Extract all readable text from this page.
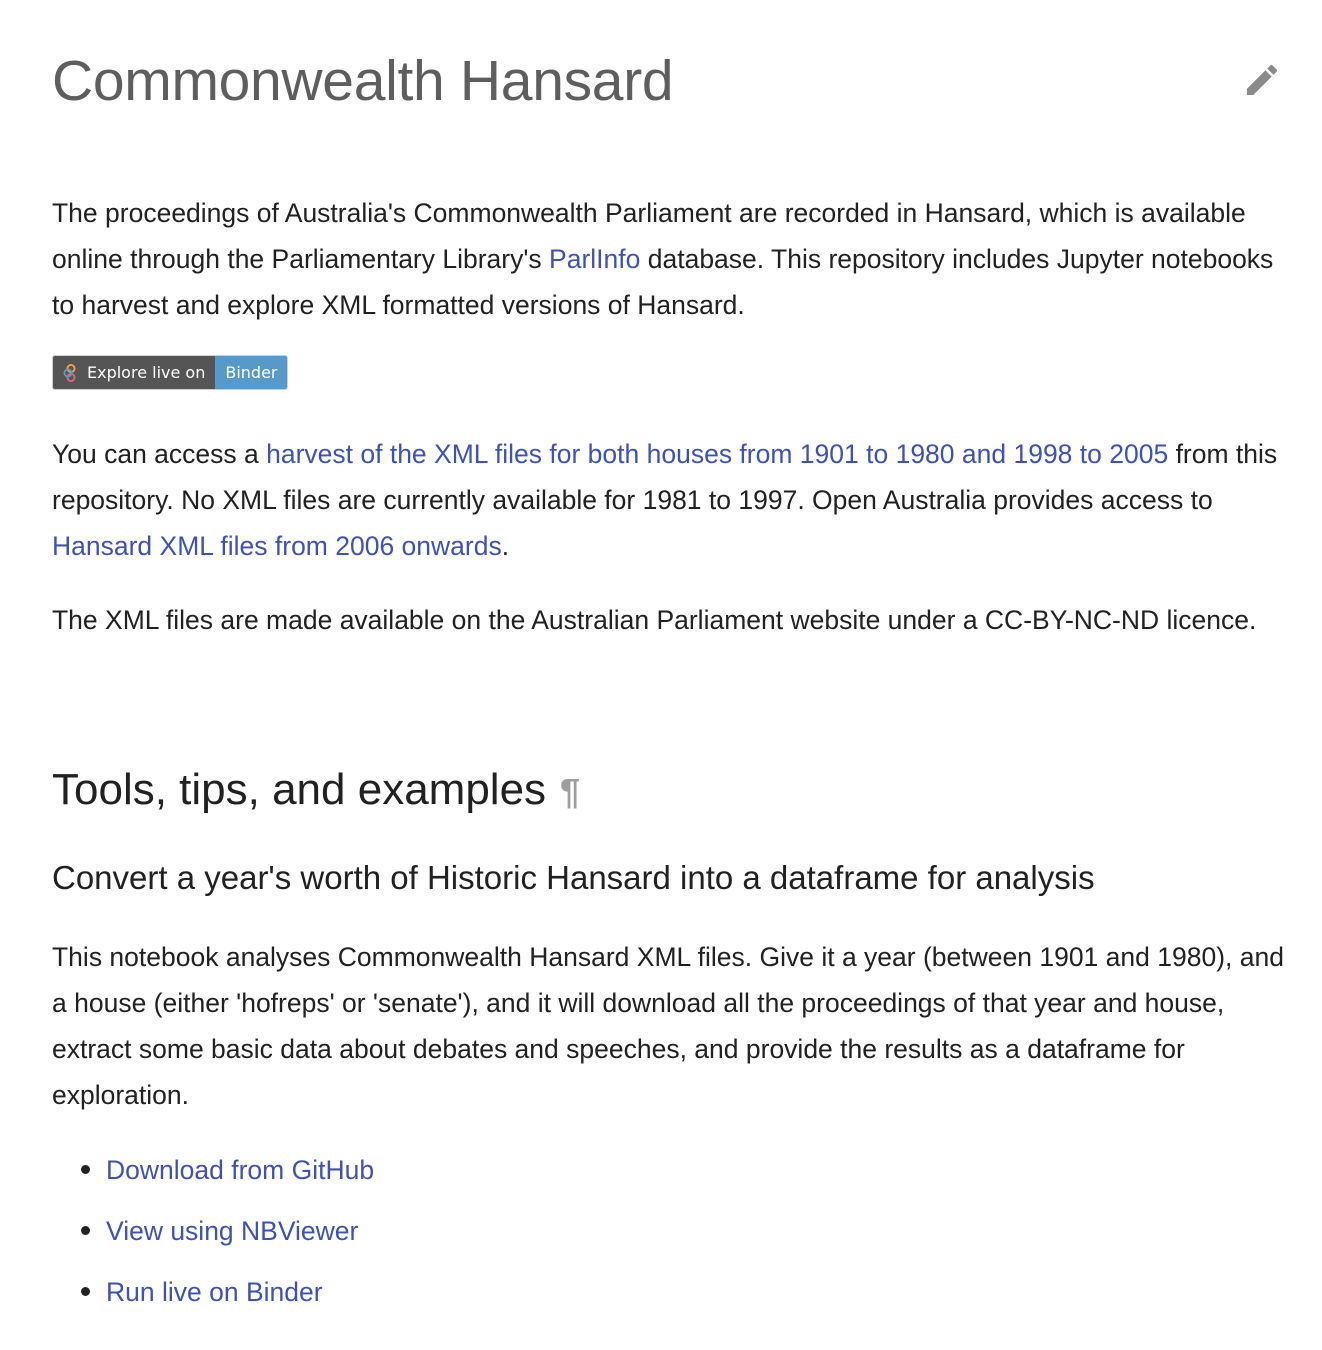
Commonwealth Hansard

The proceedings of Australia's Commonwealth Parliament are recorded in Hansard, which is available online through the Parliamentary Library's ParlInfo database. This repository includes Jupyter notebooks to harvest and explore XML formatted versions of Hansard.

Explore live on Binder

You can access a harvest of the XML files for both houses from 1901 to 1980 and 1998 to 2005 from this repository. No XML files are currently available for 1981 to 1997. Open Australia provides access to Hansard XML files from 2006 onwards.

The XML files are made available on the Australian Parliament website under a CC-BY-NC-ND licence.

Tools, tips, and examples ¶
Convert a year's worth of Historic Hansard into a dataframe for analysis

This notebook analyses Commonwealth Hansard XML files. Give it a year (between 1901 and 1980), and a house (either 'hofreps' or 'senate'), and it will download all the proceedings of that year and house, extract some basic data about debates and speeches, and provide the results as a dataframe for exploration.

Download from GitHub
View using NBViewer
Run live on Binder
